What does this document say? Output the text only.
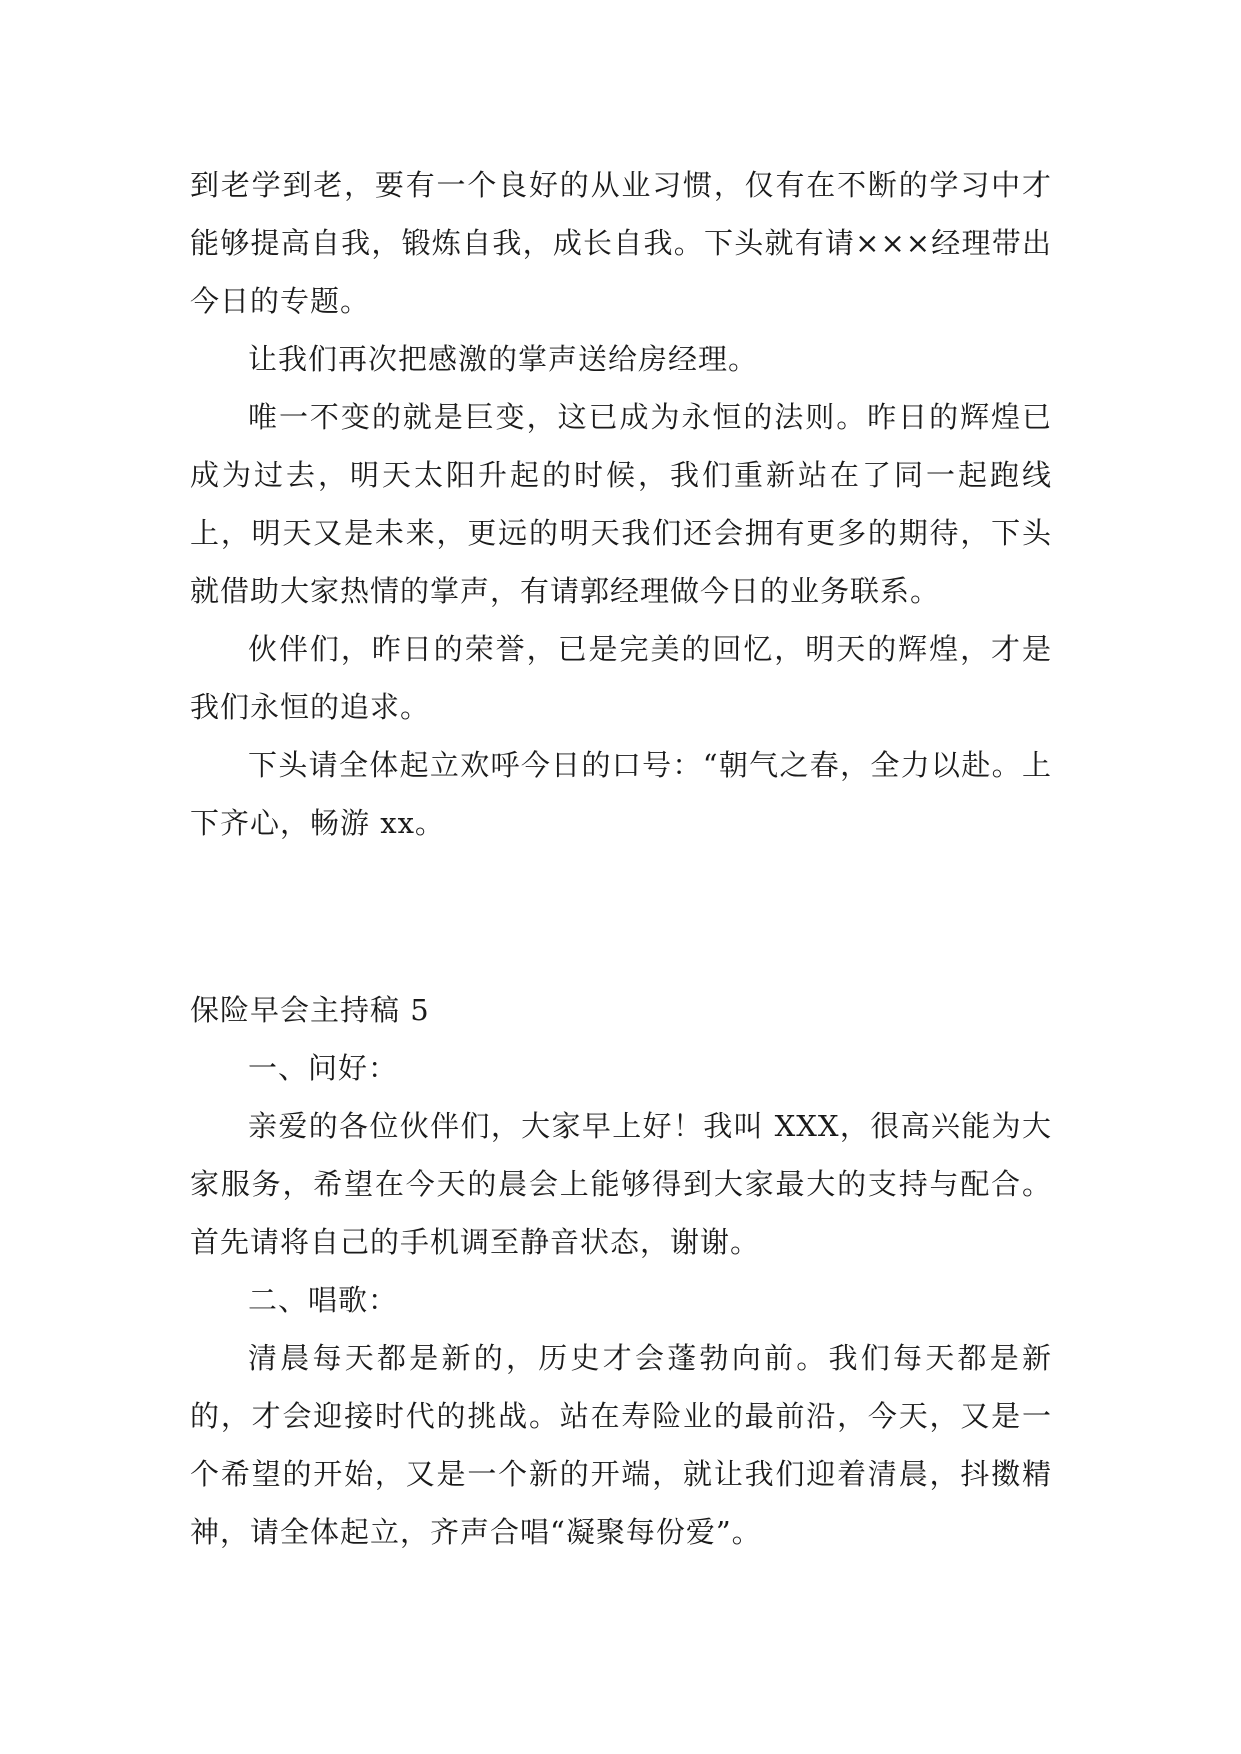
到老学到老，要有一个良好的从业习惯，仅有在不断的学习中才能够提高自我，锻炼自我，成长自我。下头就有请×××经理带出今日的专题。

让我们再次把感激的掌声送给房经理。

唯一不变的就是巨变，这已成为永恒的法则。昨日的辉煌已成为过去，明天太阳升起的时候，我们重新站在了同一起跑线上，明天又是未来，更远的明天我们还会拥有更多的期待，下头就借助大家热情的掌声，有请郭经理做今日的业务联系。

伙伴们，昨日的荣誉，已是完美的回忆，明天的辉煌，才是我们永恒的追求。

下头请全体起立欢呼今日的口号：“朝气之春，全力以赴。上下齐心，畅游 xx。

保险早会主持稿 5

一、问好：

亲爱的各位伙伴们，大家早上好！我叫 XXX，很高兴能为大家服务，希望在今天的晨会上能够得到大家最大的支持与配合。首先请将自己的手机调至静音状态，谢谢。

二、唱歌：

清晨每天都是新的，历史才会蓬勃向前。我们每天都是新的，才会迎接时代的挑战。站在寿险业的最前沿，今天，又是一个希望的开始，又是一个新的开端，就让我们迎着清晨，抖擞精神，请全体起立，齐声合唱“凝聚每份爱”。
